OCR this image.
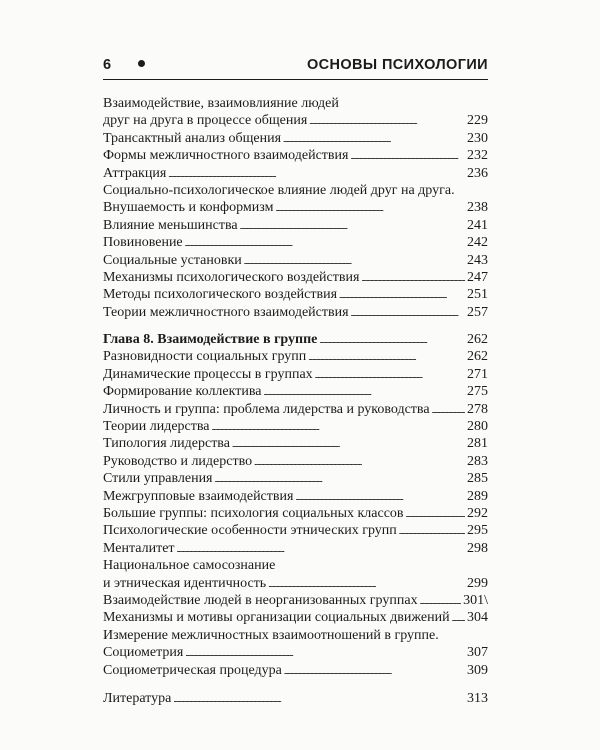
6	ОСНОВЫ ПСИХОЛОГИИ
Взаимодействие, взаимовлияние людей
друг на друга в процессе общения . . .	229
Трансактный анализ общения . . .	230
Формы межличностного взаимодействия . . .	232
Аттракция . . .	236
Социально-психологическое влияние людей друг на друга.
Внушаемость и конформизм . . .	238
Влияние меньшинства . . .	241
Повиновение . . .	242
Социальные установки . . .	243
Механизмы психологического воздействия . . .	247
Методы психологического воздействия . . .	251
Теории межличностного взаимодействия . . .	257
Глава 8. Взаимодействие в группе . . .	262
Разновидности социальных групп . . .	262
Динамические процессы в группах . . .	271
Формирование коллектива . . .	275
Личность и группа: проблема лидерства и руководства . . .	278
Теории лидерства . . .	280
Типология лидерства . . .	281
Руководство и лидерство . . .	283
Стили управления . . .	285
Межгрупповые взаимодействия . . .	289
Большие группы: психология социальных классов . . .	292
Психологические особенности этнических групп . . .	295
Менталитет . . .	298
Национальное самосознание
и этническая идентичность . . .	299
Взаимодействие людей в неорганизованных группах . . .	301\
Механизмы и мотивы организации социальных движений . . . 304
Измерение межличностных взаимоотношений в группе.
Социометрия . . .	307
Социометрическая процедура . . .	309
Литература . . .	313
